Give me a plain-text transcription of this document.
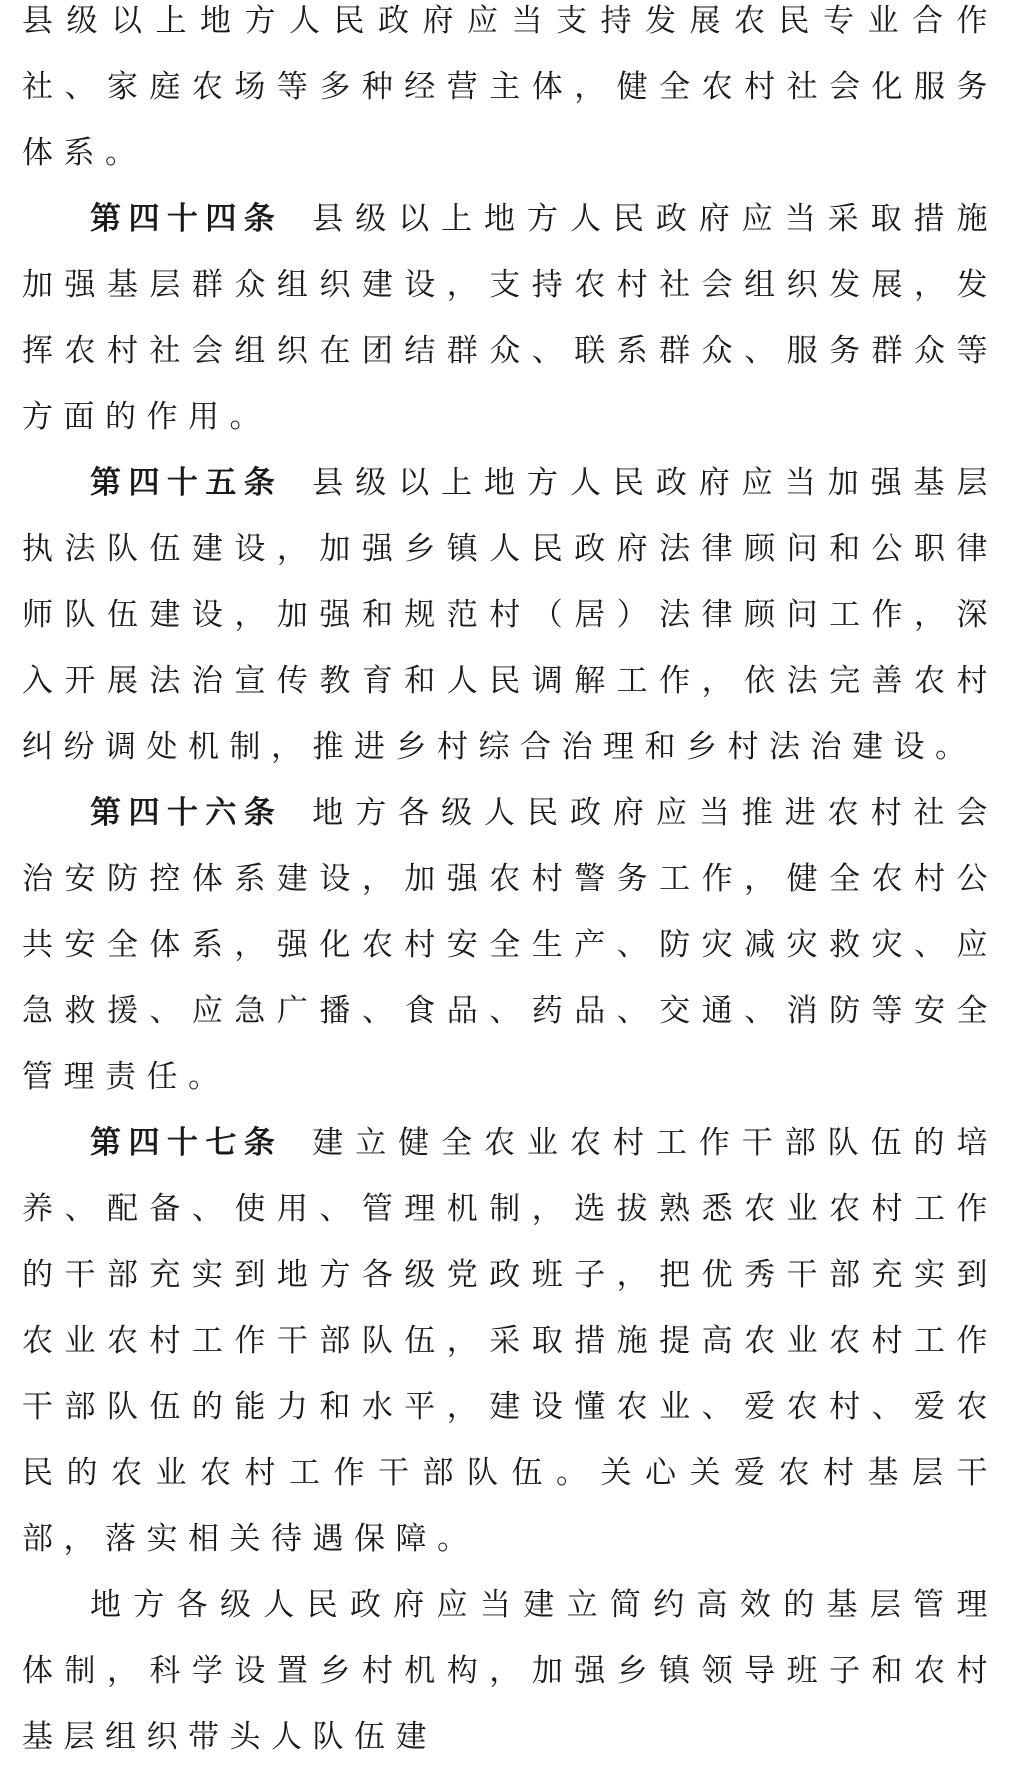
县级以上地方人民政府应当支持发展农民专业合作社、家庭农场等多种经营主体，健全农村社会化服务体系。

第四十四条 县级以上地方人民政府应当采取措施加强基层群众组织建设，支持农村社会组织发展，发挥农村社会组织在团结群众、联系群众、服务群众等方面的作用。

第四十五条 县级以上地方人民政府应当加强基层执法队伍建设，加强乡镇人民政府法律顾问和公职律师队伍建设，加强和规范村（居）法律顾问工作，深入开展法治宣传教育和人民调解工作，依法完善农村纠纷调处机制，推进乡村综合治理和乡村法治建设。

第四十六条 地方各级人民政府应当推进农村社会治安防控体系建设，加强农村警务工作，健全农村公共安全体系，强化农村安全生产、防灾减灾救灾、应急救援、应急广播、食品、药品、交通、消防等安全管理责任。

第四十七条 建立健全农业农村工作干部队伍的培养、配备、使用、管理机制，选拔熟悉农业农村工作的干部充实到地方各级党政班子，把优秀干部充实到农业农村工作干部队伍，采取措施提高农业农村工作干部队伍的能力和水平，建设懂农业、爱农村、爱农民的农业农村工作干部队伍。关心关爱农村基层干部，落实相关待遇保障。

地方各级人民政府应当建立简约高效的基层管理体制，科学设置乡村机构，加强乡镇领导班子和农村基层组织带头人队伍建
